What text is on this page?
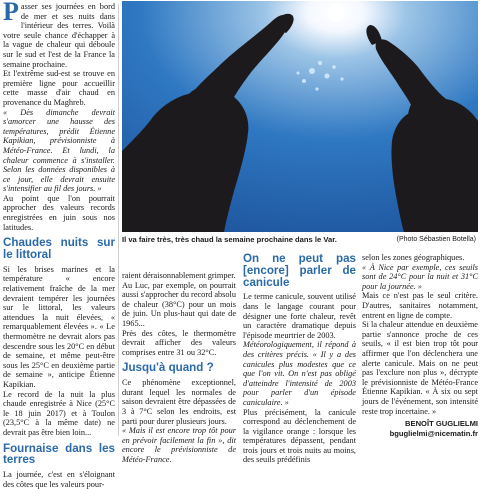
Passer ses journées en bord de mer et ses nuits dans l'intérieur des terres. Voilà votre seule chance d'échapper à la vague de chaleur qui déboule sur le sud et l'est de la France la semaine prochaine.

Et l'extrême sud-est se trouve en première ligne pour accueillir cette masse d'air chaud en provenance du Maghreb.

« Dès dimanche devrait s'amorcer une hausse des températures, prédit Étienne Kapikian, prévisionniste à Météo-France. Et lundi, la chaleur commence à s'installer. Selon les données disponibles à ce jour, elle devrait ensuite s'intensifier au fil des jours. »

Au point que l'on pourrait approcher des valeurs records enregistrées en juin sous nos latitudes.

Chaudes nuits sur le littoral

Si les brises marines et la température « encore relativement fraîche de la mer devraient tempérer les journées sur le littoral, les valeurs attendues la nuit élevées, « remarquablement élevées ». « Le thermomètre ne devrait alors pas descendre sous les 20°C en début de semaine, et même peut-être sous les 25°C en deuxième partie de semaine », anticipe Étienne Kapikian.

Le record de la nuit la plus chaude enregistrée à Nice (25°C le 18 juin 2017) et à Toulon (23,5°C à la même date) ne devrait pas être bien loin...

Fournaise dans les terres

La journée, c'est en s'éloignant des côtes que les valeurs pour-

Il va faire très, très chaud la semaine prochaine dans le Var.	(Photo Sébastien Botella)

raient déraisonnablement grimper.

Au Luc, par exemple, on pourrait aussi s'approcher du record absolu de chaleur (38°C) pour un mois de juin. Un plus-haut qui date de 1965...

Près des côtes, le thermomètre devrait afficher des valeurs comprises entre 31 ou 32°C.

Jusqu'à quand ?

Ce phénomène exceptionnel, durant lequel les normales de saison devraient être dépassées de 3 à 7°C selon les endroits, est parti pour durer plusieurs jours.

« Mais il est encore trop tôt pour en prévoir facilement la fin », dit encore le prévisionniste de Météo-France.

On ne peut pas [encore] parler de canicule

Le terme canicule, souvent utilisé dans le langage courant pour désigner une forte chaleur, revêt un caractère dramatique depuis l'épisode meurtrier de 2003.

Météorologiquement, il répond à des critères précis. « Il y a des canicules plus modestes que ce que l'on vit. On n'est pas obligé d'atteindre l'intensité de 2003 pour parler d'un épisode caniculaire. »

Plus précisément, la canicule correspond au déclenchement de la vigilance orange : lorsque les températures dépassent, pendant trois jours et trois nuits au moins, des seuils prédéfinis

selon les zones géographiques.

« À Nice par exemple, ces seuils sont de 24°C pour la nuit et 31°C pour la journée. »

Mais ce n'est pas le seul critère. D'autres, sanitaires notamment, entrent en ligne de compte.

Si la chaleur attendue en deuxième partie s'annonce proche de ces seuils, « il est bien trop tôt pour affirmer que l'on déclenchera une alerte canicule. Mais on ne peut pas l'exclure non plus », décrypte le prévisionniste de Météo-France Étienne Kapikian. « À six ou sept jours de l'événement, son intensité reste trop incertaine. »

BENOÎT GUGLIELMI

bguglielmi@nicematin.fr
